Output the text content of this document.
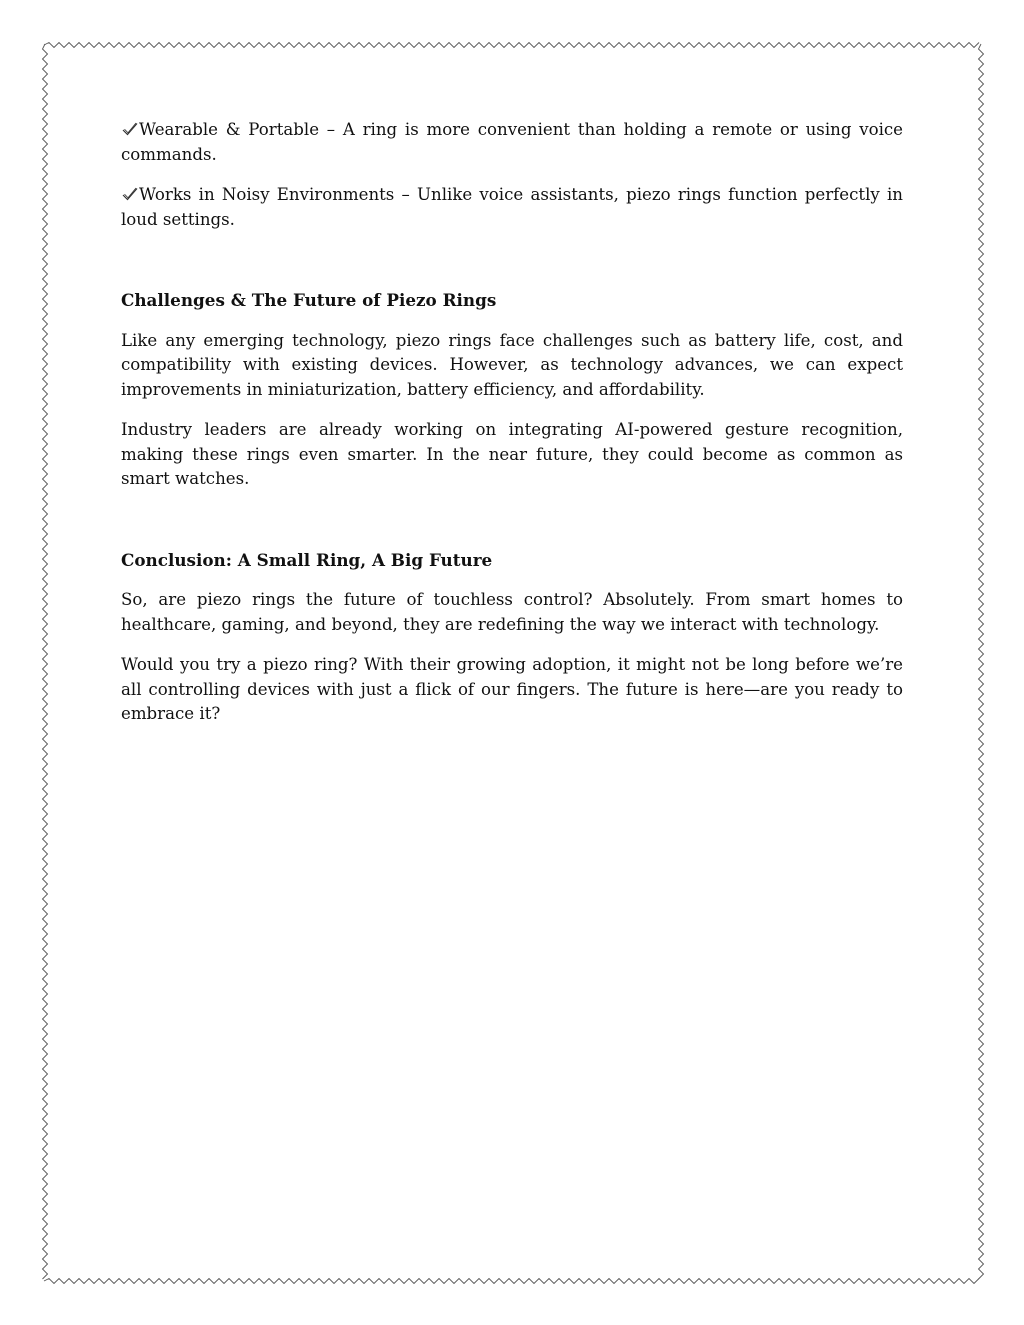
Wearable & Portable – A ring is more convenient than holding a remote or using voice commands.

Works in Noisy Environments – Unlike voice assistants, piezo rings function perfectly in loud settings.

Challenges & The Future of Piezo Rings

Like any emerging technology, piezo rings face challenges such as battery life, cost, and compatibility with existing devices. However, as technology advances, we can expect improvements in miniaturization, battery efficiency, and affordability.

Industry leaders are already working on integrating AI-powered gesture recognition, making these rings even smarter. In the near future, they could become as common as smart watches.

Conclusion: A Small Ring, A Big Future

So, are piezo rings the future of touchless control? Absolutely. From smart homes to healthcare, gaming, and beyond, they are redefining the way we interact with technology.

Would you try a piezo ring? With their growing adoption, it might not be long before we’re all controlling devices with just a flick of our fingers. The future is here—are you ready to embrace it?
